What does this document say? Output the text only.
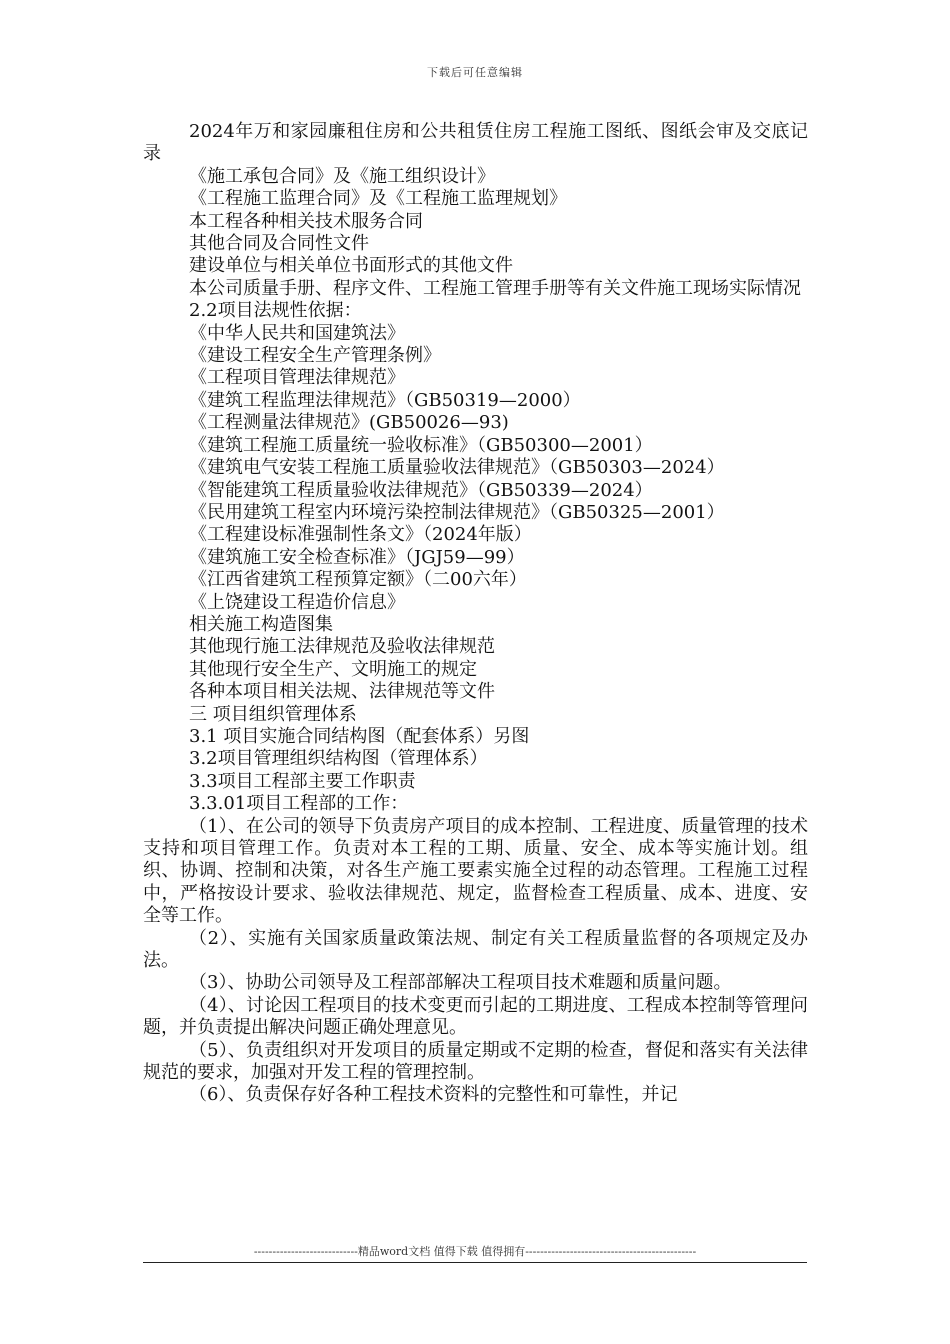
下载后可任意编辑

2024年万和家园廉租住房和公共租赁住房工程施工图纸、图纸会审及交底记录

《施工承包合同》及《施工组织设计》

《工程施工监理合同》及《工程施工监理规划》

本工程各种相关技术服务合同

其他合同及合同性文件

建设单位与相关单位书面形式的其他文件

本公司质量手册、程序文件、工程施工管理手册等有关文件施工现场实际情况

2.2项目法规性依据：

《中华人民共和国建筑法》

《建设工程安全生产管理条例》

《工程项目管理法律规范》

《建筑工程监理法律规范》（GB50319—2000）

《工程测量法律规范》(GB50026—93)

《建筑工程施工质量统一验收标准》（GB50300—2001）

《建筑电气安装工程施工质量验收法律规范》（GB50303—2024）

《智能建筑工程质量验收法律规范》（GB50339—2024）

《民用建筑工程室内环境污染控制法律规范》（GB50325—2001）

《工程建设标准强制性条文》（2024年版）

《建筑施工安全检查标准》（JGJ59—99）

《江西省建筑工程预算定额》（二00六年）

《上饶建设工程造价信息》

相关施工构造图集

其他现行施工法律规范及验收法律规范

其他现行安全生产、文明施工的规定

各种本项目相关法规、法律规范等文件

三 项目组织管理体系

3.1 项目实施合同结构图（配套体系）另图

3.2项目管理组织结构图（管理体系）

3.3项目工程部主要工作职责

3.3.01项目工程部的工作：

（1）、在公司的领导下负责房产项目的成本控制、工程进度、质量管理的技术支持和项目管理工作。负责对本工程的工期、质量、安全、成本等实施计划。组织、协调、控制和决策，对各生产施工要素实施全过程的动态管理。工程施工过程中，严格按设计要求、验收法律规范、规定，监督检查工程质量、成本、进度、安全等工作。

（2）、实施有关国家质量政策法规、制定有关工程质量监督的各项规定及办法。

（3）、协助公司领导及工程部部解决工程项目技术难题和质量问题。

（4）、讨论因工程项目的技术变更而引起的工期进度、工程成本控制等管理问题，并负责提出解决问题正确处理意见。

（5）、负责组织对开发项目的质量定期或不定期的检查，督促和落实有关法律规范的要求，加强对开发工程的管理控制。

（6）、负责保存好各种工程技术资料的完整性和可靠性，并记

----------------------------精品word文档 值得下载 值得拥有----------------------------------------------
